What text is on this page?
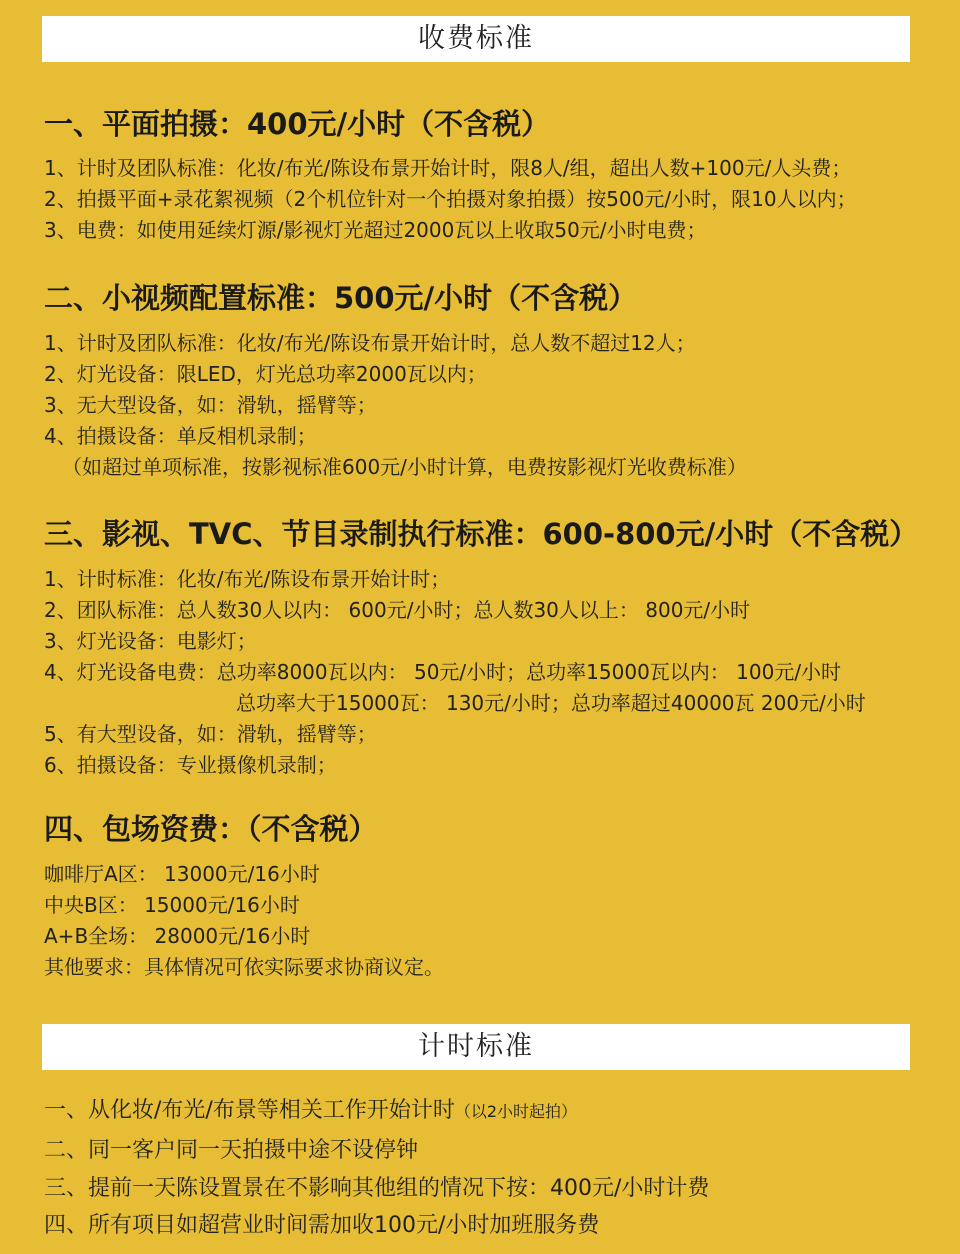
收费标准
一、平面拍摄：400元/小时（不含税）
1、计时及团队标准：化妆/布光/陈设布景开始计时，限8人/组，超出人数+100元/人头费；
2、拍摄平面+录花絮视频（2个机位针对一个拍摄对象拍摄）按500元/小时，限10人以内；
3、电费：如使用延续灯源/影视灯光超过2000瓦以上收取50元/小时电费；
二、小视频配置标准：500元/小时（不含税）
1、计时及团队标准：化妆/布光/陈设布景开始计时，总人数不超过12人；
2、灯光设备：限LED，灯光总功率2000瓦以内；
3、无大型设备，如：滑轨，摇臂等；
4、拍摄设备：单反相机录制；
（如超过单项标准，按影视标准600元/小时计算，电费按影视灯光收费标准）
三、影视、TVC、节目录制执行标准：600-800元/小时（不含税）
1、计时标准：化妆/布光/陈设布景开始计时；
2、团队标准：总人数30人以内： 600元/小时；总人数30人以上： 800元/小时
3、灯光设备：电影灯；
4、灯光设备电费：总功率8000瓦以内： 50元/小时；总功率15000瓦以内： 100元/小时
总功率大于15000瓦： 130元/小时；总功率超过40000瓦 200元/小时
5、有大型设备，如：滑轨，摇臂等；
6、拍摄设备：专业摄像机录制；
四、包场资费：（不含税）
咖啡厅A区： 13000元/16小时
中央B区： 15000元/16小时
A+B全场： 28000元/16小时
其他要求：具体情况可依实际要求协商议定。
计时标准
一、从化妆/布光/布景等相关工作开始计时（以2小时起拍）
二、同一客户同一天拍摄中途不设停钟
三、提前一天陈设置景在不影响其他组的情况下按：400元/小时计费
四、所有项目如超营业时间需加收100元/小时加班服务费
